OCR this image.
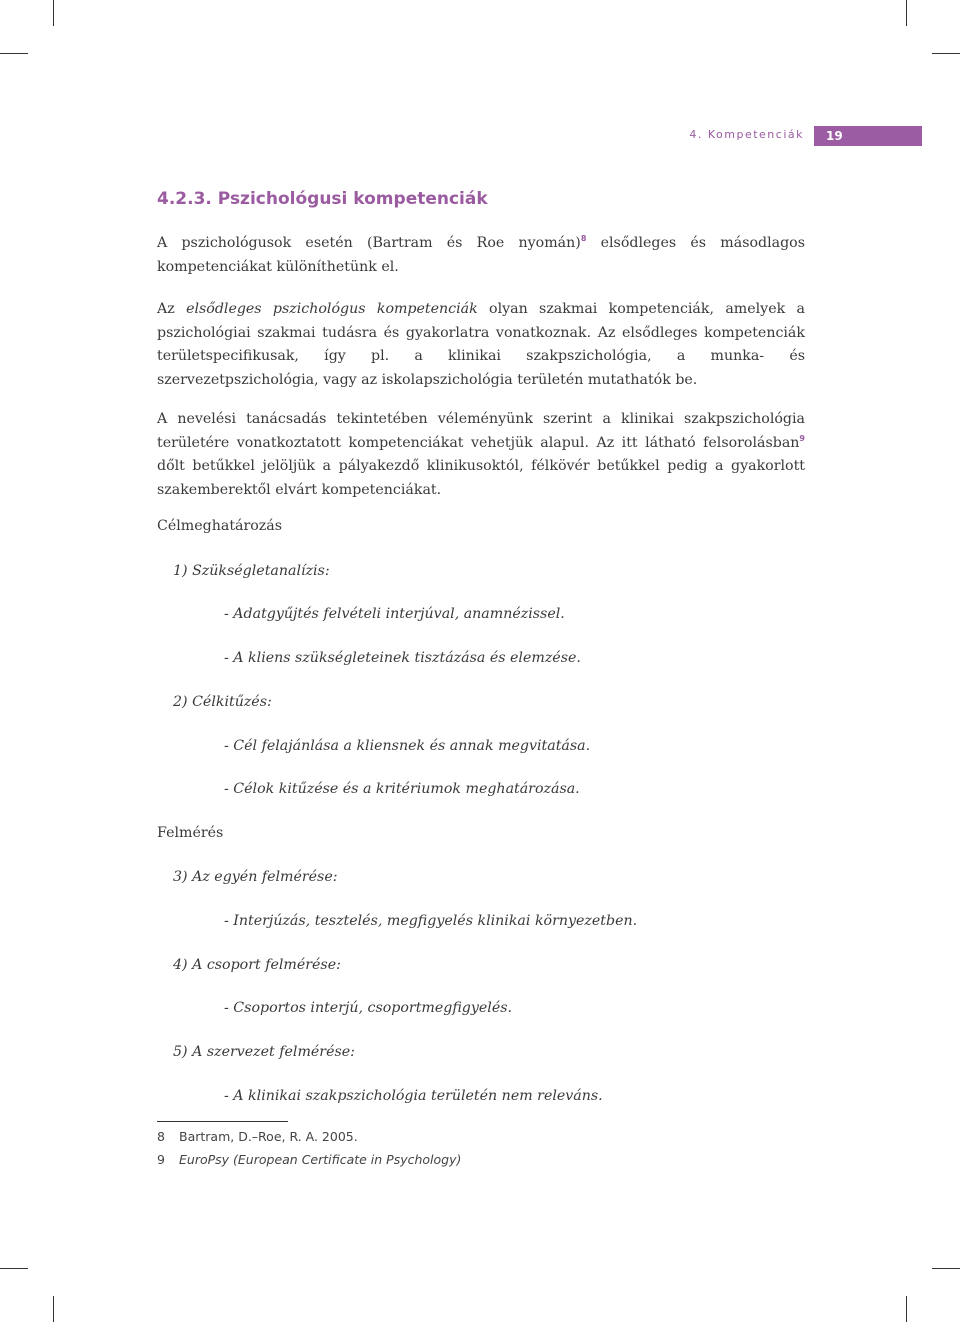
4. Kompetenciák	19
4.2.3. Pszichológusi kompetenciák

A pszichológusok esetén (Bartram és Roe nyomán)$^8$ elsődleges és másodlagos kompetenciákat különíthetünk el.

Az elsődleges pszichológus kompetenciák olyan szakmai kompetenciák, amelyek a pszichológiai szakmai tudásra és gyakorlatra vonatkoznak. Az elsődleges kompetenciák területspecifikusak, így pl. a klinikai szakpszichológia, a munka- és szervezetpszichológia, vagy az iskolapszichológia területén mutathatók be.

A nevelési tanácsadás tekintetében véleményünk szerint a klinikai szakpszichológia területére vonatkoztatott kompetenciákat vehetjük alapul. Az itt látható felsorolásban$^9$ dőlt betűkkel jelöljük a pályakezdő klinikusoktól, félkövér betűkkel pedig a gyakorlott szakemberektől elvárt kompetenciákat.

Célmeghatározás

1) Szükségletanalízis:

- Adatgyűjtés felvételi interjúval, anamnézissel.

- A kliens szükségleteinek tisztázása és elemzése.

2) Célkitűzés:

- Cél felajánlása a kliensnek és annak megvitatása.

- Célok kitűzése és a kritériumok meghatározása.

Felmérés

3) Az egyén felmérése:

- Interjúzás, tesztelés, megfigyelés klinikai környezetben.

4) A csoport felmérése:

- Csoportos interjú, csoportmegfigyelés.

5) A szervezet felmérése:

- A klinikai szakpszichológia területén nem releváns.

8 Bartram, D.–Roe, R. A. 2005.

9 EuroPsy (European Certificate in Psychology)
